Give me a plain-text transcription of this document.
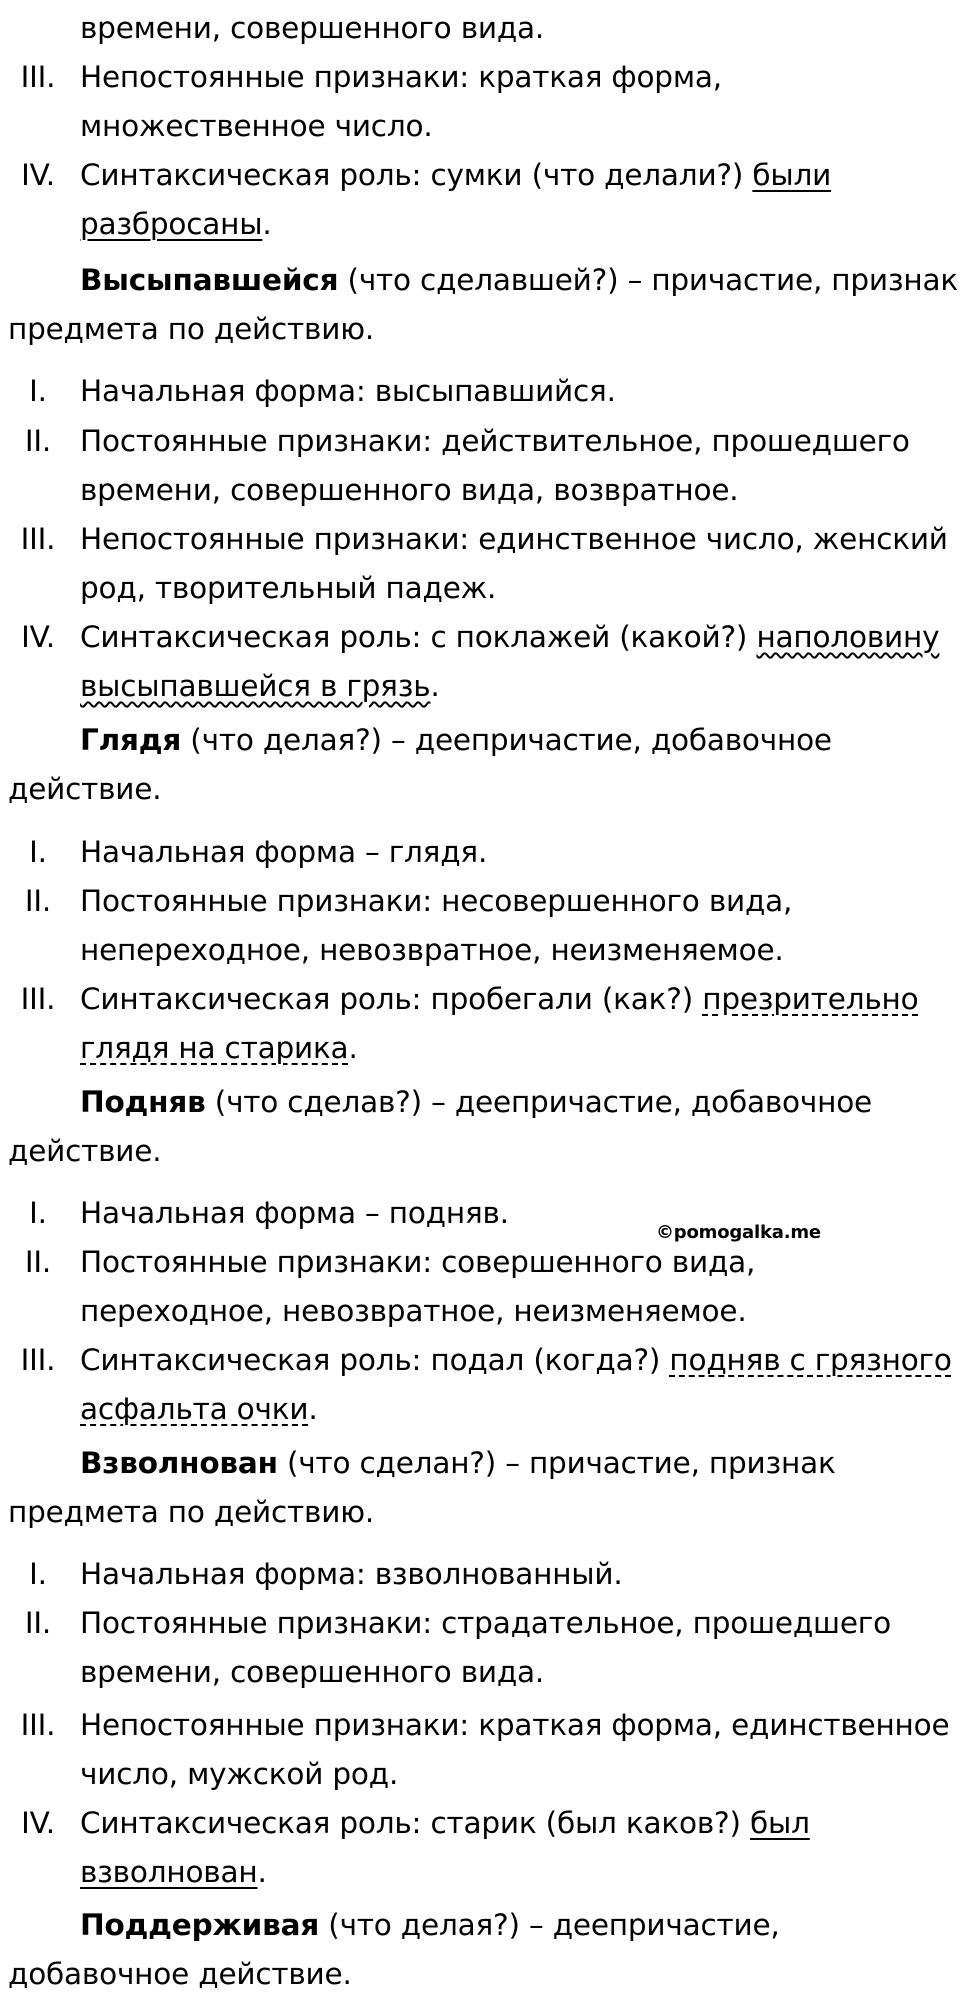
времени, совершенного вида.
III. Непостоянные признаки: краткая форма,
множественное число.
IV. Синтаксическая роль: сумки (что делали?) были
разбросаны.
Высыпавшейся (что сделавшей?) – причастие, признак
предмета по действию.
I.	Начальная форма: высыпавшийся.
II. Постоянные признаки: действительное, прошедшего
времени, совершенного вида, возвратное.
III. Непостоянные признаки: единственное число, женский
род, творительный падеж.
IV. Синтаксическая роль: с поклажей (какой?) наполовину
высыпавшейся в грязь.
Глядя (что делая?) – деепричастие, добавочное
действие.
I.	Начальная форма – глядя.
II. Постоянные признаки: несовершенного вида,
непереходное, невозвратное, неизменяемое.
III. Синтаксическая роль: пробегали (как?) презрительно
глядя на старика.
Подняв (что сделав?) – деепричастие, добавочное
действие.
I.	Начальная форма – подняв.
©pomogalka.me
II. Постоянные признаки: совершенного вида,
переходное, невозвратное, неизменяемое.
III. Синтаксическая роль: подал (когда?) подняв с грязного
асфальта очки.
Взволнован (что сделан?) – причастие, признак
предмета по действию.
I.	Начальная форма: взволнованный.
II. Постоянные признаки: страдательное, прошедшего
времени, совершенного вида.
III. Непостоянные признаки: краткая форма, единственное
число, мужской род.
IV. Синтаксическая роль: старик (был каков?) был
взволнован.
Поддерживая (что делая?) – деепричастие,
добавочное действие.
